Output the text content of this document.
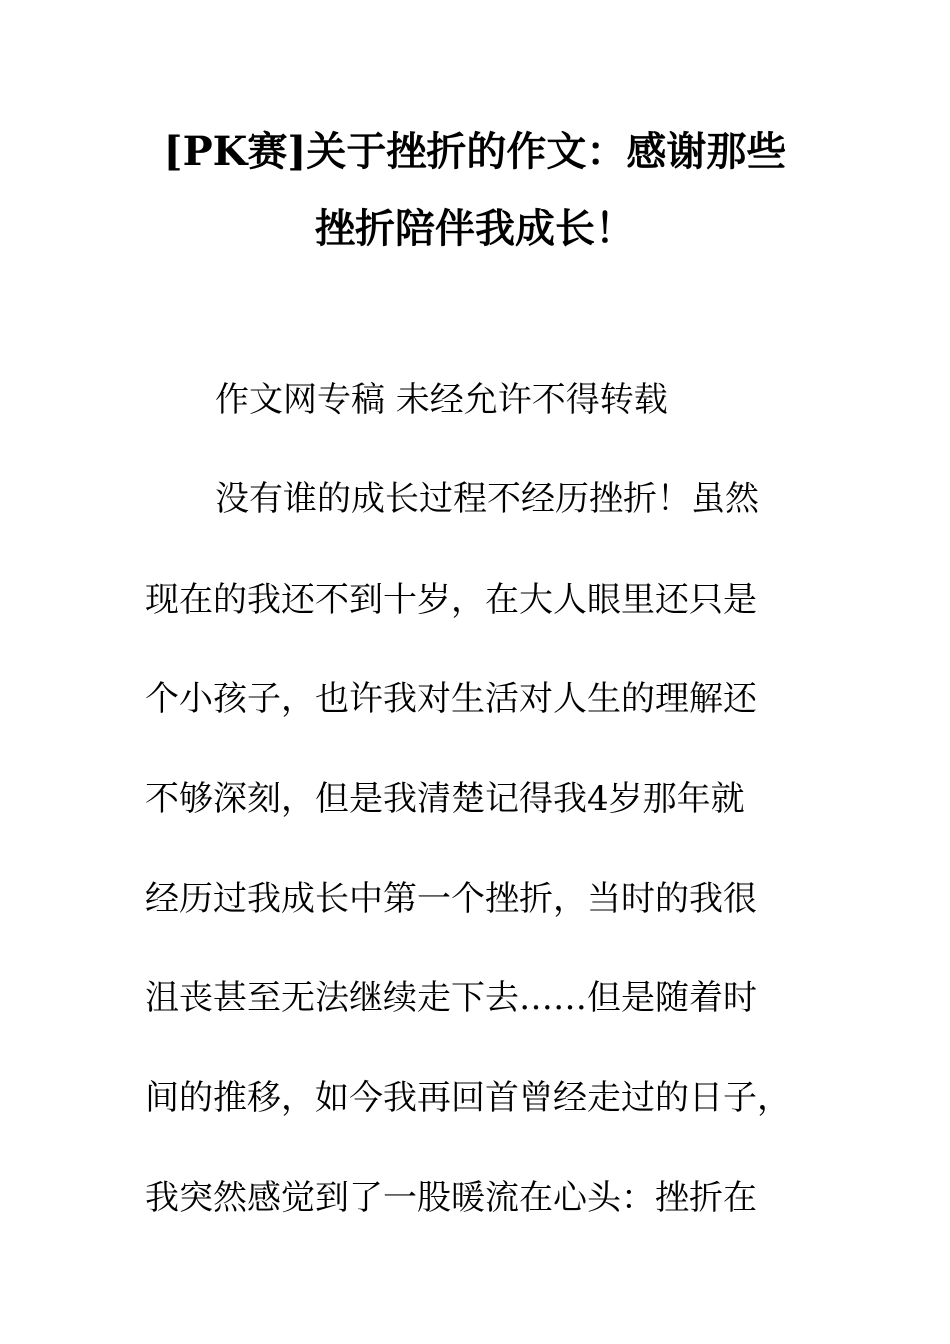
[PK赛]关于挫折的作文：感谢那些
挫折陪伴我成长！
作文网专稿 未经允许不得转载
没有谁的成长过程不经历挫折！虽然
现在的我还不到十岁，在大人眼里还只是
个小孩子，也许我对生活对人生的理解还
不够深刻，但是我清楚记得我4岁那年就
经历过我成长中第一个挫折，当时的我很
沮丧甚至无法继续走下去……但是随着时
间的推移，如今我再回首曾经走过的日子，
我突然感觉到了一股暖流在心头：挫折在
